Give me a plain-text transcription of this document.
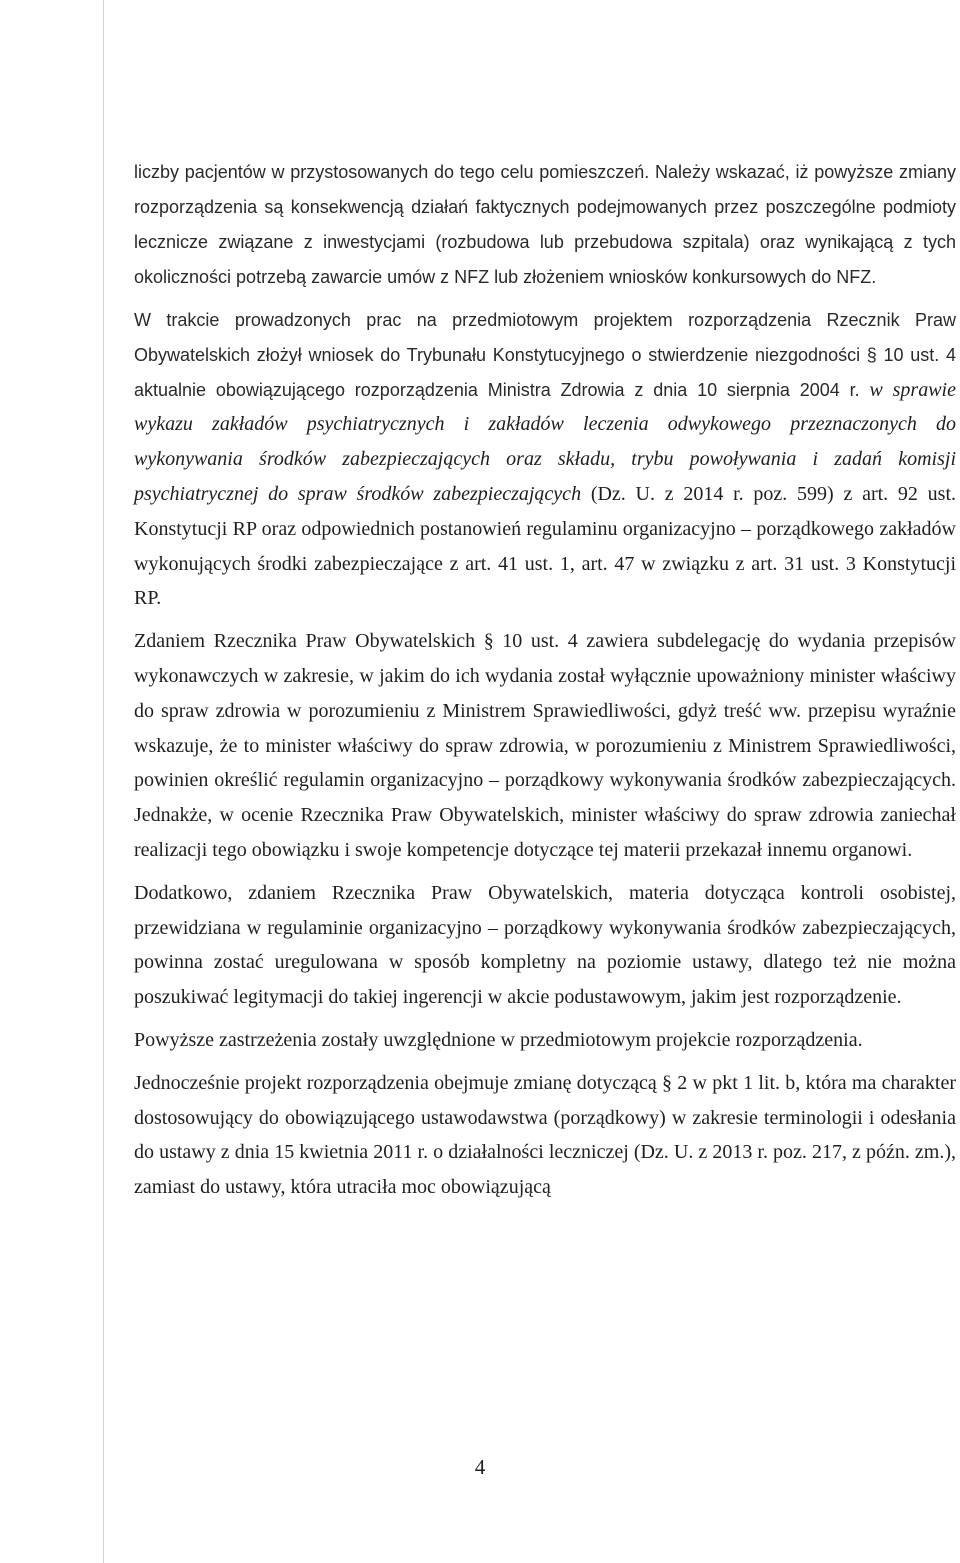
liczby pacjentów w przystosowanych do tego celu pomieszczeń. Należy wskazać, iż powyższe zmiany rozporządzenia są konsekwencją działań faktycznych podejmowanych przez poszczególne podmioty lecznicze związane z inwestycjami (rozbudowa lub przebudowa szpitala) oraz wynikającą z tych okoliczności potrzebą zawarcie umów z NFZ lub złożeniem wniosków konkursowych do NFZ.

W trakcie prowadzonych prac na przedmiotowym projektem rozporządzenia Rzecznik Praw Obywatelskich złożył wniosek do Trybunału Konstytucyjnego o stwierdzenie niezgodności § 10 ust. 4 aktualnie obowiązującego rozporządzenia Ministra Zdrowia z dnia 10 sierpnia 2004 r. w sprawie wykazu zakładów psychiatrycznych i zakładów leczenia odwykowego przeznaczonych do wykonywania środków zabezpieczających oraz składu, trybu powoływania i zadań komisji psychiatrycznej do spraw środków zabezpieczających (Dz. U. z 2014 r. poz. 599) z art. 92 ust. Konstytucji RP oraz odpowiednich postanowień regulaminu organizacyjno – porządkowego zakładów wykonujących środki zabezpieczające z art. 41 ust. 1, art. 47 w związku z art. 31 ust. 3 Konstytucji RP.

Zdaniem Rzecznika Praw Obywatelskich § 10 ust. 4 zawiera subdelegację do wydania przepisów wykonawczych w zakresie, w jakim do ich wydania został wyłącznie upoważniony minister właściwy do spraw zdrowia w porozumieniu z Ministrem Sprawiedliwości, gdyż treść ww. przepisu wyraźnie wskazuje, że to minister właściwy do spraw zdrowia, w porozumieniu z Ministrem Sprawiedliwości, powinien określić regulamin organizacyjno – porządkowy wykonywania środków zabezpieczających. Jednakże, w ocenie Rzecznika Praw Obywatelskich, minister właściwy do spraw zdrowia zaniechał realizacji tego obowiązku i swoje kompetencje dotyczące tej materii przekazał innemu organowi.

Dodatkowo, zdaniem Rzecznika Praw Obywatelskich, materia dotycząca kontroli osobistej, przewidziana w regulaminie organizacyjno – porządkowy wykonywania środków zabezpieczających, powinna zostać uregulowana w sposób kompletny na poziomie ustawy, dlatego też nie można poszukiwać legitymacji do takiej ingerencji w akcie podustawowym, jakim jest rozporządzenie.

Powyższe zastrzeżenia zostały uwzględnione w przedmiotowym projekcie rozporządzenia.

Jednocześnie projekt rozporządzenia obejmuje zmianę dotyczącą § 2 w pkt 1 lit. b, która ma charakter dostosowujący do obowiązującego ustawodawstwa (porządkowy) w zakresie terminologii i odesłania do ustawy z dnia 15 kwietnia 2011 r. o działalności leczniczej (Dz. U. z 2013 r. poz. 217, z późn. zm.), zamiast do ustawy, która utraciła moc obowiązującą

4
